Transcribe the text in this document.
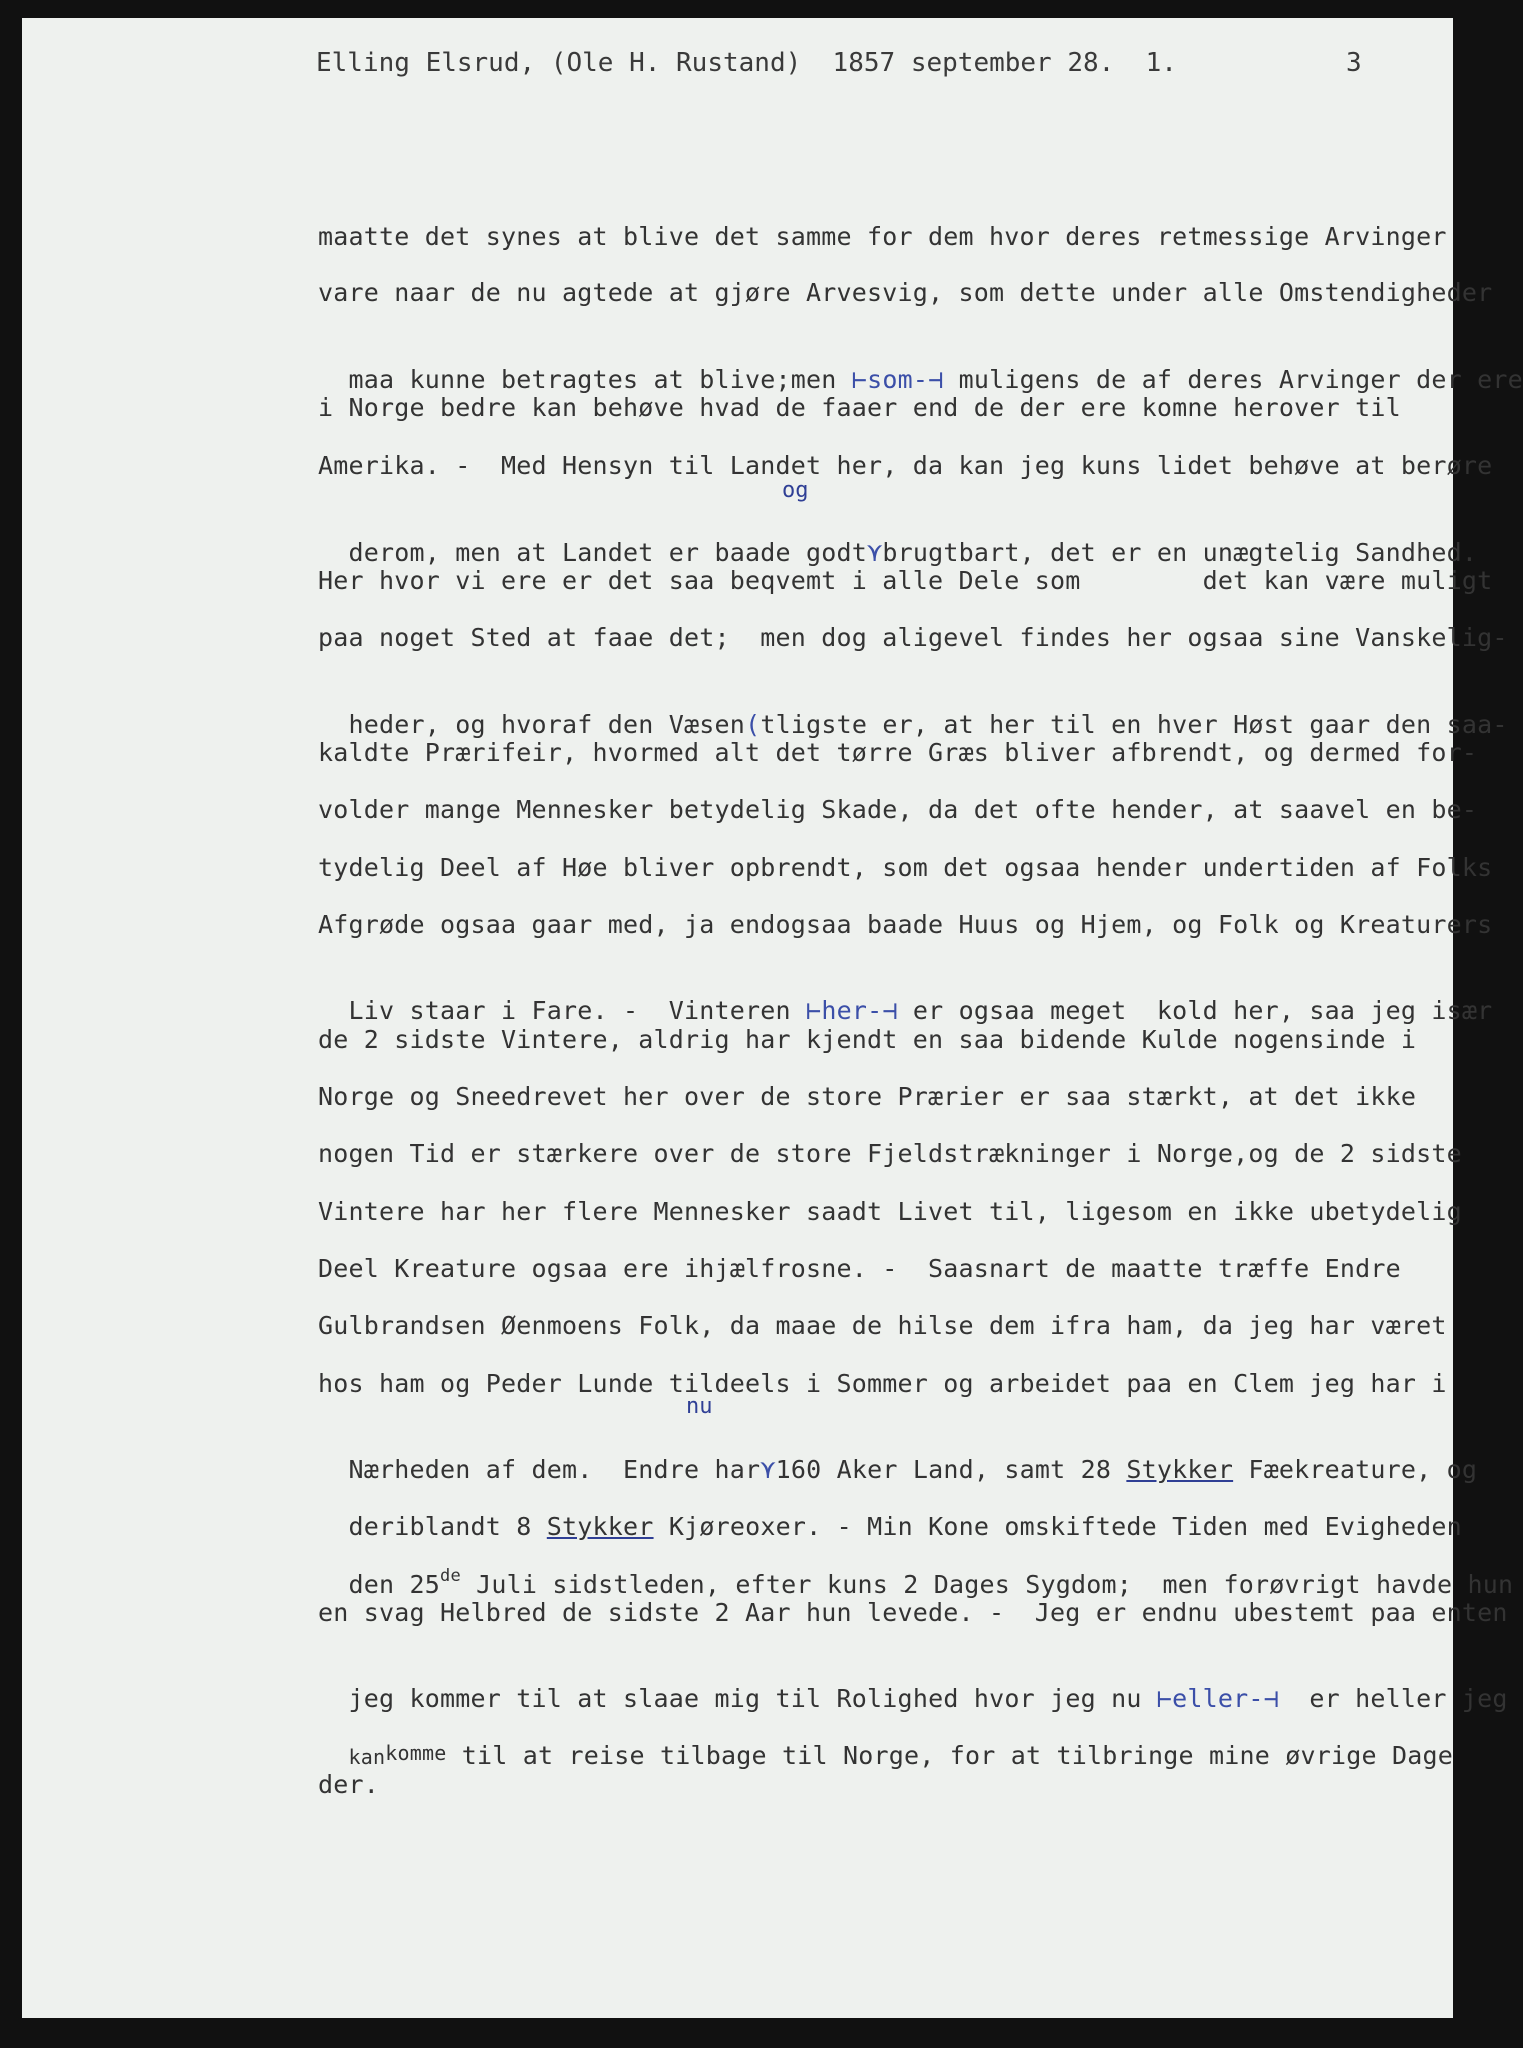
Elling Elsrud, (Ole H. Rustand)  1857 september 28.  1.	3
maatte det synes at blive det samme for dem hvor deres retmessige Arvinger
vare naar de nu agtede at gjøre Arvesvig, som dette under alle Omstendigheder

maa kunne betragtes at blive;men ⊢som-⊣ muligens de af deres Arvinger der ere

i Norge bedre kan behøve hvad de faaer end de der ere komne herover til
Amerika. -  Med Hensyn til Landet her, da kan jeg kuns lidet behøve at berøre
og

derom, men at Landet er baade godt⋎brugtbart, det er en unægtelig Sandhed.

Her hvor vi ere er det saa beqvemt i alle Dele som        det kan være muligt
paa noget Sted at faae det;  men dog aligevel findes her ogsaa sine Vanskelig-

heder, og hvoraf den Væsen(tligste er, at her til en hver Høst gaar den saa-

kaldte Prærifeir, hvormed alt det tørre Græs bliver afbrendt, og dermed for-
volder mange Mennesker betydelig Skade, da det ofte hender, at saavel en be-
tydelig Deel af Høe bliver opbrendt, som det ogsaa hender undertiden af Folks
Afgrøde ogsaa gaar med, ja endogsaa baade Huus og Hjem, og Folk og Kreaturers

Liv staar i Fare. -  Vinteren ⊢her-⊣ er ogsaa meget  kold her, saa jeg især

de 2 sidste Vintere, aldrig har kjendt en saa bidende Kulde nogensinde i
Norge og Sneedrevet her over de store Prærier er saa stærkt, at det ikke
nogen Tid er stærkere over de store Fjeldstrækninger i Norge,og de 2 sidste
Vintere har her flere Mennesker saadt Livet til, ligesom en ikke ubetydelig
Deel Kreature ogsaa ere ihjælfrosne. -  Saasnart de maatte træffe Endre
Gulbrandsen Øenmoens Folk, da maae de hilse dem ifra ham, da jeg har været
hos ham og Peder Lunde tildeels i Sommer og arbeidet paa en Clem jeg har i
nu

Nærheden af dem.  Endre har⋎160 Aker Land, samt 28 Stykker Fæekreature, og

deriblandt 8 Stykker Kjøreoxer. - Min Kone omskiftede Tiden med Evigheden

den 25de Juli sidstleden, efter kuns 2 Dages Sygdom;  men forøvrigt havde hun

en svag Helbred de sidste 2 Aar hun levede. -  Jeg er endnu ubestemt paa enten

jeg kommer til at slaae mig til Rolighed hvor jeg nu ⊢eller-⊣  er heller jeg

kankomme til at reise tilbage til Norge, for at tilbringe mine øvrige Dage

der.
